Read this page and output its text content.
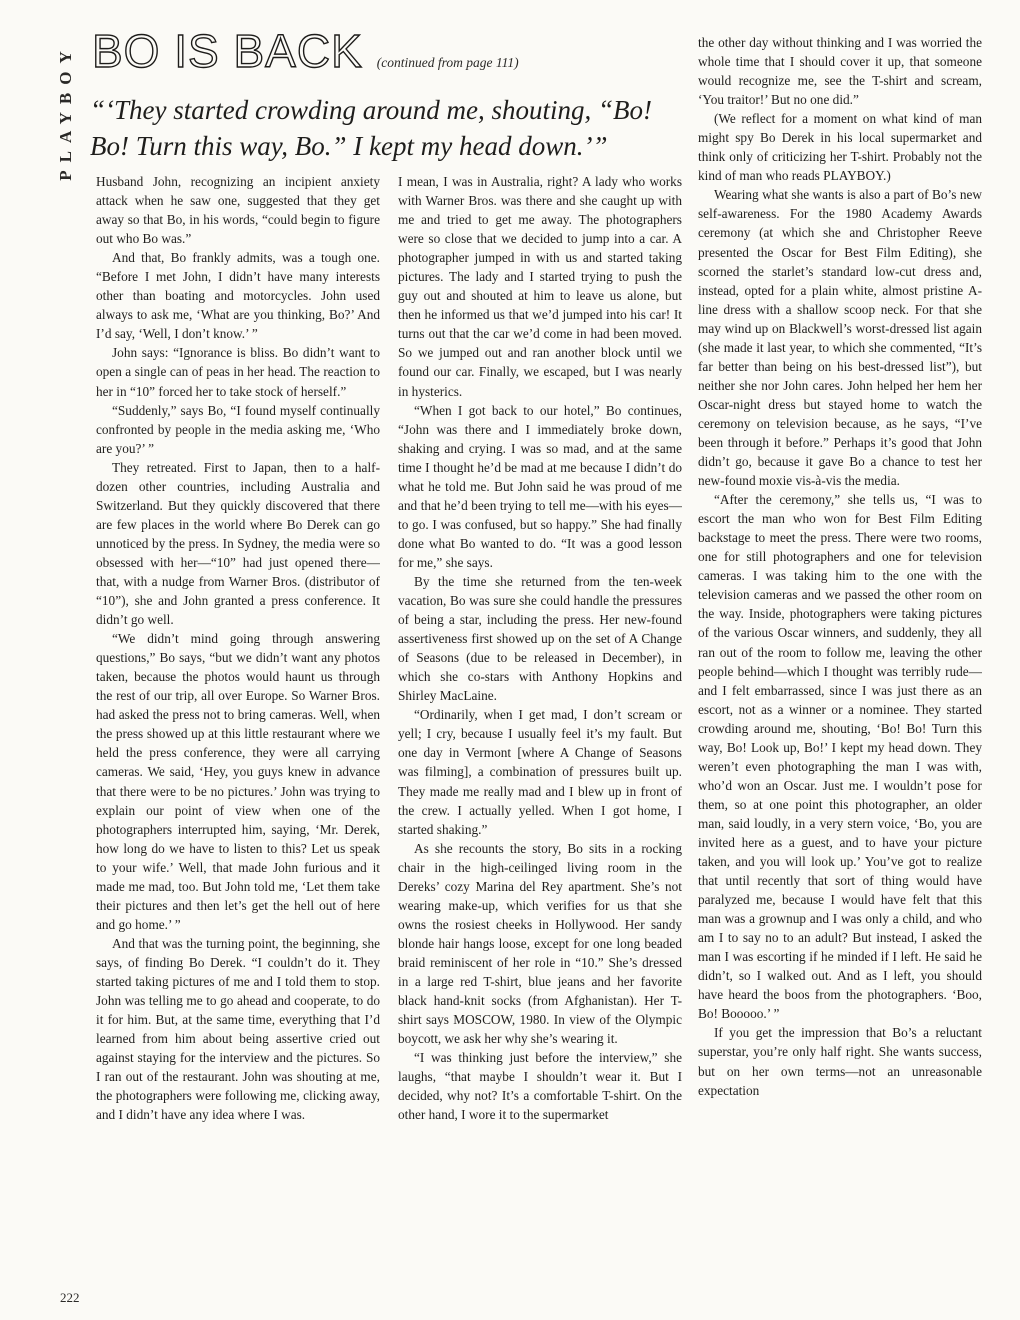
PLAYBOY BO IS BACK (continued from page 111)

“‘They started crowding around me, shouting, “Bo! Bo! Turn this way, Bo.” I kept my head down.’”

Husband John, recognizing an incipient anxiety attack when he saw one, suggested that they get away so that Bo, in his words, “could begin to figure out who Bo was.”

And that, Bo frankly admits, was a tough one. “Before I met John, I didn’t have many interests other than boating and motorcycles. John used always to ask me, ‘What are you thinking, Bo?’ And I’d say, ‘Well, I don’t know.’ ”

John says: “Ignorance is bliss. Bo didn’t want to open a single can of peas in her head. The reaction to her in “10” forced her to take stock of herself.”

“Suddenly,” says Bo, “I found myself continually confronted by people in the media asking me, ‘Who are you?’ ”

They retreated. First to Japan, then to a half-dozen other countries, including Australia and Switzerland. But they quickly discovered that there are few places in the world where Bo Derek can go unnoticed by the press. In Sydney, the media were so obsessed with her—“10” had just opened there—that, with a nudge from Warner Bros. (distributor of “10”), she and John granted a press conference. It didn’t go well.

“We didn’t mind going through answering questions,” Bo says, “but we didn’t want any photos taken, because the photos would haunt us through the rest of our trip, all over Europe. So Warner Bros. had asked the press not to bring cameras. Well, when the press showed up at this little restaurant where we held the press conference, they were all carrying cameras. We said, ‘Hey, you guys knew in advance that there were to be no pictures.’ John was trying to explain our point of view when one of the photographers interrupted him, saying, ‘Mr. Derek, how long do we have to listen to this? Let us speak to your wife.’ Well, that made John furious and it made me mad, too. But John told me, ‘Let them take their pictures and then let’s get the hell out of here and go home.’ ”

And that was the turning point, the beginning, she says, of finding Bo Derek. “I couldn’t do it. They started taking pictures of me and I told them to stop. John was telling me to go ahead and cooperate, to do it for him. But, at the same time, everything that I’d learned from him about being assertive cried out against staying for the interview and the pictures. So I ran out of the restaurant. John was shouting at me, the photographers were following me, clicking away, and I didn’t have any idea where I was.

I mean, I was in Australia, right? A lady who works with Warner Bros. was there and she caught up with me and tried to get me away. The photographers were so close that we decided to jump into a car. A photographer jumped in with us and started taking pictures. The lady and I started trying to push the guy out and shouted at him to leave us alone, but then he informed us that we’d jumped into his car! It turns out that the car we’d come in had been moved. So we jumped out and ran another block until we found our car. Finally, we escaped, but I was nearly in hysterics.

“When I got back to our hotel,” Bo continues, “John was there and I immediately broke down, shaking and crying. I was so mad, and at the same time I thought he’d be mad at me because I didn’t do what he told me. But John said he was proud of me and that he’d been trying to tell me—with his eyes—to go. I was confused, but so happy.” She had finally done what Bo wanted to do. “It was a good lesson for me,” she says.

By the time she returned from the ten-week vacation, Bo was sure she could handle the pressures of being a star, including the press. Her new-found assertiveness first showed up on the set of A Change of Seasons (due to be released in December), in which she co-stars with Anthony Hopkins and Shirley MacLaine.

“Ordinarily, when I get mad, I don’t scream or yell; I cry, because I usually feel it’s my fault. But one day in Vermont [where A Change of Seasons was filming], a combination of pressures built up. They made me really mad and I blew up in front of the crew. I actually yelled. When I got home, I started shaking.”

As she recounts the story, Bo sits in a rocking chair in the high-ceilinged living room in the Dereks’ cozy Marina del Rey apartment. She’s not wearing make-up, which verifies for us that she owns the rosiest cheeks in Hollywood. Her sandy blonde hair hangs loose, except for one long beaded braid reminiscent of her role in “10.” She’s dressed in a large red T-shirt, blue jeans and her favorite black hand-knit socks (from Afghanistan). Her T-shirt says MOSCOW, 1980. In view of the Olympic boycott, we ask her why she’s wearing it.

“I was thinking just before the interview,” she laughs, “that maybe I shouldn’t wear it. But I decided, why not? It’s a comfortable T-shirt. On the other hand, I wore it to the supermarket

the other day without thinking and I was worried the whole time that I should cover it up, that someone would recognize me, see the T-shirt and scream, ‘You traitor!’ But no one did.”

(We reflect for a moment on what kind of man might spy Bo Derek in his local supermarket and think only of criticizing her T-shirt. Probably not the kind of man who reads PLAYBOY.)

Wearing what she wants is also a part of Bo’s new self-awareness. For the 1980 Academy Awards ceremony (at which she and Christopher Reeve presented the Oscar for Best Film Editing), she scorned the starlet’s standard low-cut dress and, instead, opted for a plain white, almost pristine A-line dress with a shallow scoop neck. For that she may wind up on Blackwell’s worst-dressed list again (she made it last year, to which she commented, “It’s far better than being on his best-dressed list”), but neither she nor John cares. John helped her hem her Oscar-night dress but stayed home to watch the ceremony on television because, as he says, “I’ve been through it before.” Perhaps it’s good that John didn’t go, because it gave Bo a chance to test her new-found moxie vis-à-vis the media.

“After the ceremony,” she tells us, “I was to escort the man who won for Best Film Editing backstage to meet the press. There were two rooms, one for still photographers and one for television cameras. I was taking him to the one with the television cameras and we passed the other room on the way. Inside, photographers were taking pictures of the various Oscar winners, and suddenly, they all ran out of the room to follow me, leaving the other people behind—which I thought was terribly rude—and I felt embarrassed, since I was just there as an escort, not as a winner or a nominee. They started crowding around me, shouting, ‘Bo! Bo! Turn this way, Bo! Look up, Bo!’ I kept my head down. They weren’t even photographing the man I was with, who’d won an Oscar. Just me. I wouldn’t pose for them, so at one point this photographer, an older man, said loudly, in a very stern voice, ‘Bo, you are invited here as a guest, and to have your picture taken, and you will look up.’ You’ve got to realize that until recently that sort of thing would have paralyzed me, because I would have felt that this man was a grownup and I was only a child, and who am I to say no to an adult? But instead, I asked the man I was escorting if he minded if I left. He said he didn’t, so I walked out. And as I left, you should have heard the boos from the photographers. ‘Boo, Bo! Booooo.’ ”

If you get the impression that Bo’s a reluctant superstar, you’re only half right. She wants success, but on her own terms—not an unreasonable expectation

222
